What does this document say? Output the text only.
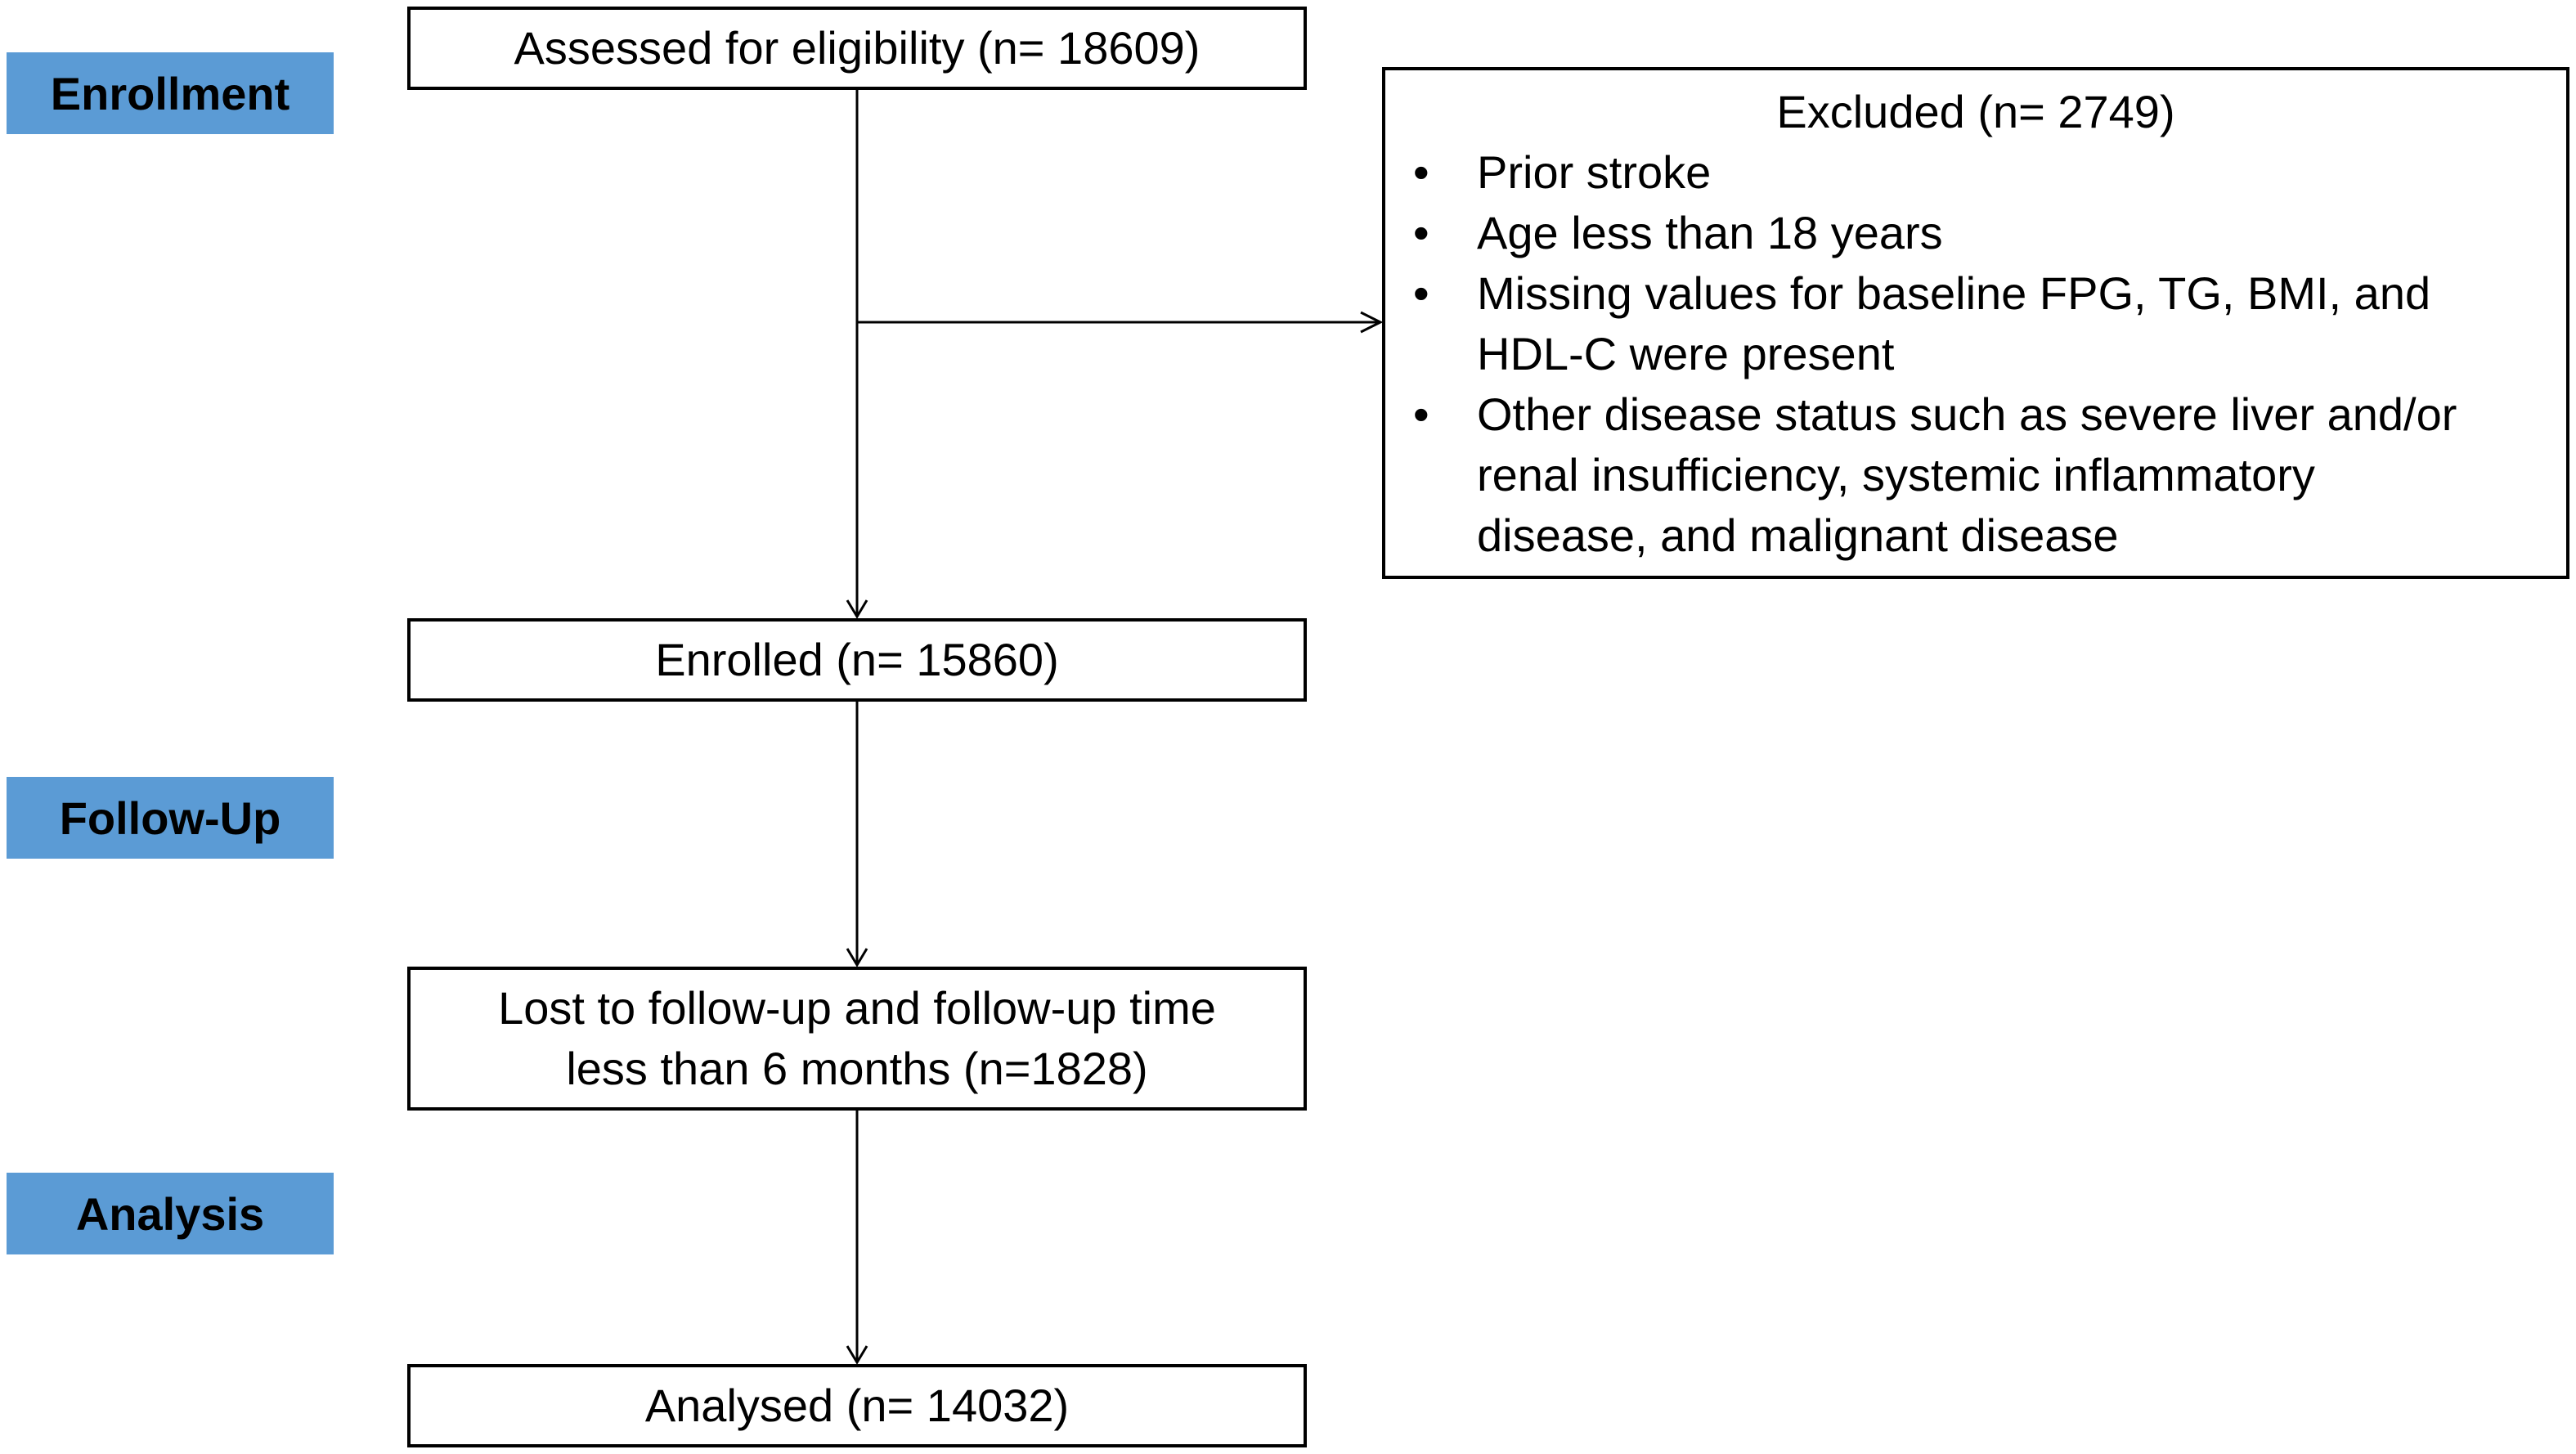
Enrollment
Follow-Up
Analysis
Assessed for eligibility (n= 18609)
Enrolled (n= 15860)
Lost to follow-up and follow-up time
less than 6 months (n=1828)
Analysed (n= 14032)
Excluded (n= 2749)
• Prior stroke
• Age less than 18 years
• Missing values for baseline FPG, TG, BMI, and
HDL-C were present
• Other disease status such as severe liver and/or
renal insufficiency, systemic inflammatory
disease, and malignant disease
